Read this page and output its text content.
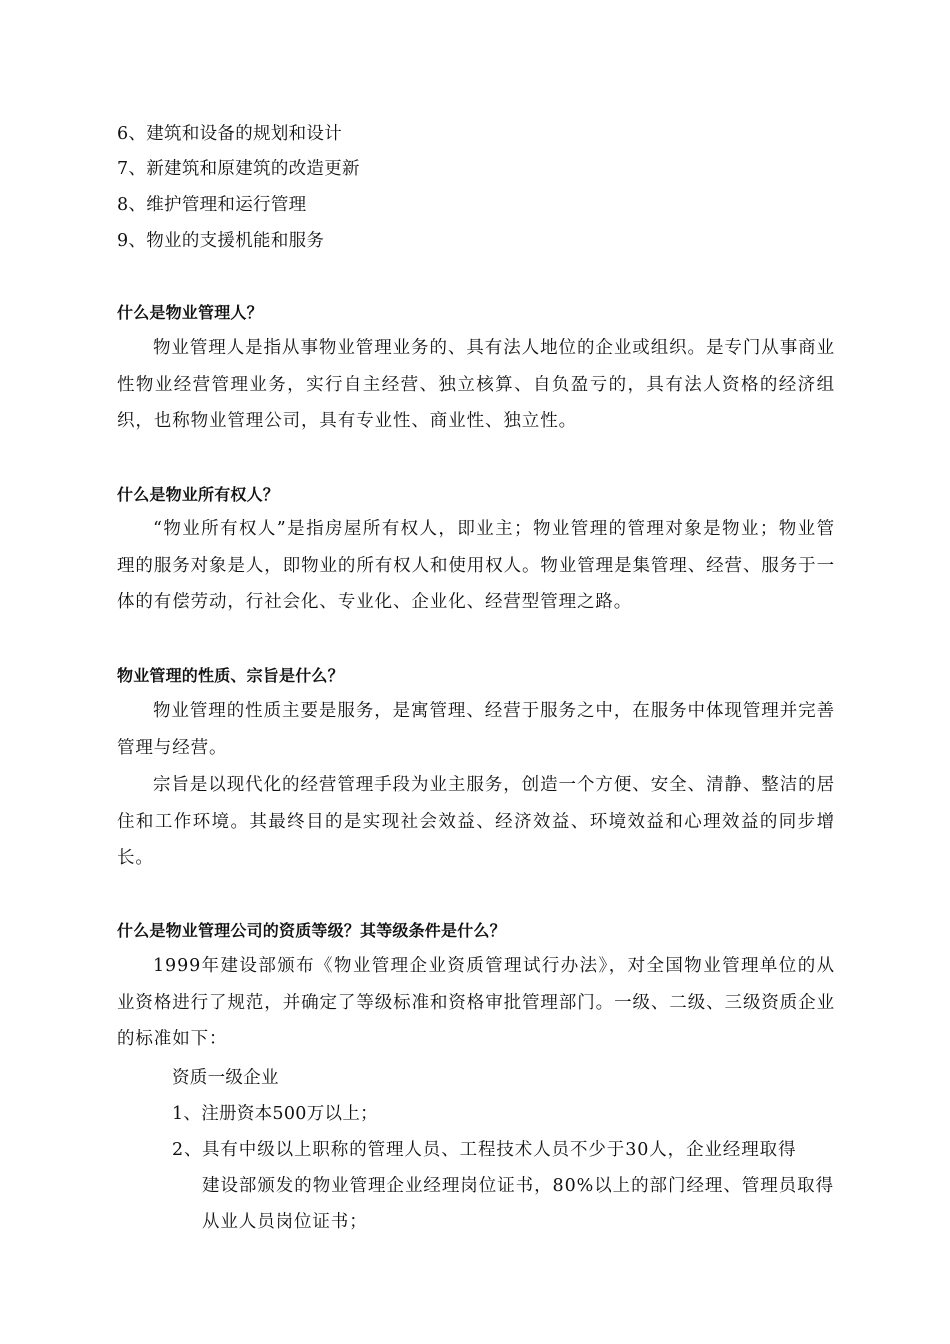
6、建筑和设备的规划和设计
7、新建筑和原建筑的改造更新
8、维护管理和运行管理
9、物业的支援机能和服务
什么是物业管理人？
物业管理人是指从事物业管理业务的、具有法人地位的企业或组织。是专门从事商业性物业经营管理业务，实行自主经营、独立核算、自负盈亏的，具有法人资格的经济组织，也称物业管理公司，具有专业性、商业性、独立性。
什么是物业所有权人？
“物业所有权人”是指房屋所有权人，即业主；物业管理的管理对象是物业；物业管理的服务对象是人，即物业的所有权人和使用权人。物业管理是集管理、经营、服务于一体的有偿劳动，行社会化、专业化、企业化、经营型管理之路。
物业管理的性质、宗旨是什么？
物业管理的性质主要是服务，是寓管理、经营于服务之中，在服务中体现管理并完善管理与经营。
宗旨是以现代化的经营管理手段为业主服务，创造一个方便、安全、清静、整洁的居住和工作环境。其最终目的是实现社会效益、经济效益、环境效益和心理效益的同步增长。
什么是物业管理公司的资质等级？其等级条件是什么？
1999年建设部颁布《物业管理企业资质管理试行办法》，对全国物业管理单位的从业资格进行了规范，并确定了等级标准和资格审批管理部门。一级、二级、三级资质企业的标准如下：
资质一级企业
1、注册资本500万以上；
2、具有中级以上职称的管理人员、工程技术人员不少于30人，企业经理取得
建设部颁发的物业管理企业经理岗位证书，80%以上的部门经理、管理员取得从业人员岗位证书；
